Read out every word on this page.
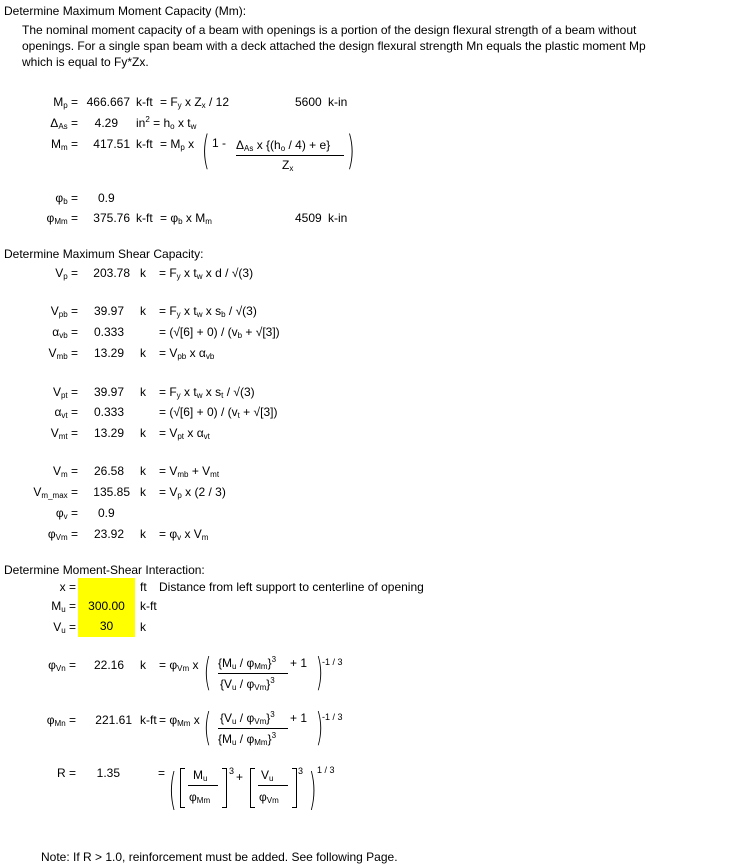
Determine Maximum Moment Capacity (Mm):
The nominal moment capacity of a beam with openings is a portion of the design flexural strength of a beam without openings. For a single span beam with a deck attached the design flexural strength Mn equals the plastic moment Mp which is equal to Fy*Zx.
$M_p = 466.667$ $k-ft = F_y$ x $Z_x / 12$	5600 k-in
$\Delta_{As}$ =	4.29 $in^2 = h_o$ x $t_w$
$M_m$ =	417.51 $k-ft = M_p$ x ( $1 - \Delta_{As}$ x $\{(h_o / 4) + e\}$
$Z_x$ )
$\varphi_b = 0.9$
$\varphi_{Mm}$ =	375.76 $k-ft = \varphi_b$ x $M_m$	4509 k-in
Determine Maximum Shear Capacity:
$V_p$ =	203.78 $k = F_y$ x $t_w$ x d / √(3)
$V_{pb}$ =	39.97 $k = F_y$ x $t_w$ x $s_b / √(3)$
$\alpha_{vb}$ =	0.333	= $(√[6] + 0) / (v_b + √[3])$
$V_{mb}$ =	13.29 $k = V_{pb}$ x $\alpha_{vb}$
$V_{pt}$ =	39.97 $k = F_y$ x $t_w$ x $s_t / √(3)$
$\alpha_{vt}$ =	0.333	= $(√[6] + 0) / (v_t + √[3])$
$V_{mt}$ =	13.29 $k = V_{pt}$ x $\alpha_{vt}$
$V_m$ =	26.58 $k = V_{mb} + V_{mt}$
$V_{m\_max}$ =	135.85 $k = V_p$ x (2 / 3)
$\varphi_v = 0.9$
$\varphi_{Vm}$ =	23.92 $k = \varphi_v$ x $V_m$
Determine Moment-Shear Interaction:
x =	ft Distance from left support to centerline of opening
$M_u$ =	300.00	k-ft
$V_u$ =	30	k
$\varphi_{Vn}$ =	22.16 $k = \varphi_{Vm}$ x ( $\{M_u / \varphi_{Mm}\}^3 + 1$
$\{V_u / \varphi_{Vm}\}^3$ )
-1 / 3
$\varphi_{Mn}$ =	221.61 $k-ft = \varphi_{Mm}$ x ( $\{V_u / \varphi_{Vm}\}^3 + 1$
$\{M_u / \varphi_{Mm}\}^3$ )
-1 / 3
R =	1.35	= ( $M_u$
$\varphi_{Mm}$
$3 + V_u$
$\varphi_{Vm}$
3 ) 1 / 3
Note: If R > 1.0, reinforcement must be added. See following Page.
